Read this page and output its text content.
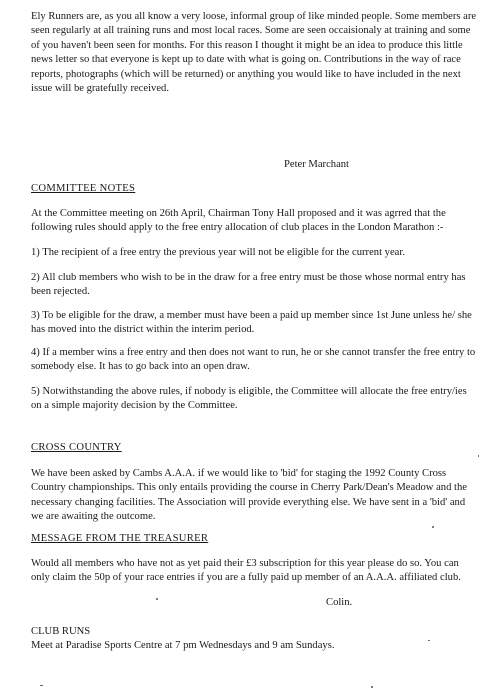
Ely Runners are, as you all know a very loose, informal group of like minded people. Some members are seen regularly at all training runs and most local races. Some are seen occaisionaly at training and some of you haven't been seen for months. For this reason I thought it might be an idea to produce this little news letter so that everyone is kept up to date with what is going on. Contributions in the way of race reports, photographs (which will be returned) or anything you would like to have included in the next issue will be gratefully received.

Peter Marchant

COMMITTEE NOTES

At the Committee meeting on 26th April, Chairman Tony Hall proposed and it was agrred that the following rules should apply to the free entry allocation of club places in the London Marathon :-

1) The recipient of a free entry the previous year will not be eligible for the current year.

2) All club members who wish to be in the draw for a free entry must be those whose normal entry has been rejected.

3) To be eligible for the draw, a member must have been a paid up member since 1st June unless he/ she has moved into the district within the interim period.

4) If a member wins a free entry and then does not want to run, he or she cannot transfer the free entry to somebody else. It has to go back into an open draw.

5) Notwithstanding the above rules, if nobody is eligible, the Committee will allocate the free entry/ies on a simple majority decision by the Committee.

CROSS COUNTRY

We have been asked by Cambs A.A.A. if we would like to 'bid' for staging the 1992 County Cross Country championships. This only entails providing the course in Cherry Park/Dean's Meadow and the necessary changing facilities. The Association will provide everything else. We have sent in a 'bid' and we are awaiting the outcome.

MESSAGE FROM THE TREASURER

Would all members who have not as yet paid their £3 subscription for this year please do so. You can only claim the 50p of your race entries if you are a fully paid up member of an A.A.A. affiliated club.

Colin.

CLUB RUNS

Meet at Paradise Sports Centre at 7 pm Wednesdays and 9 am Sundays.
